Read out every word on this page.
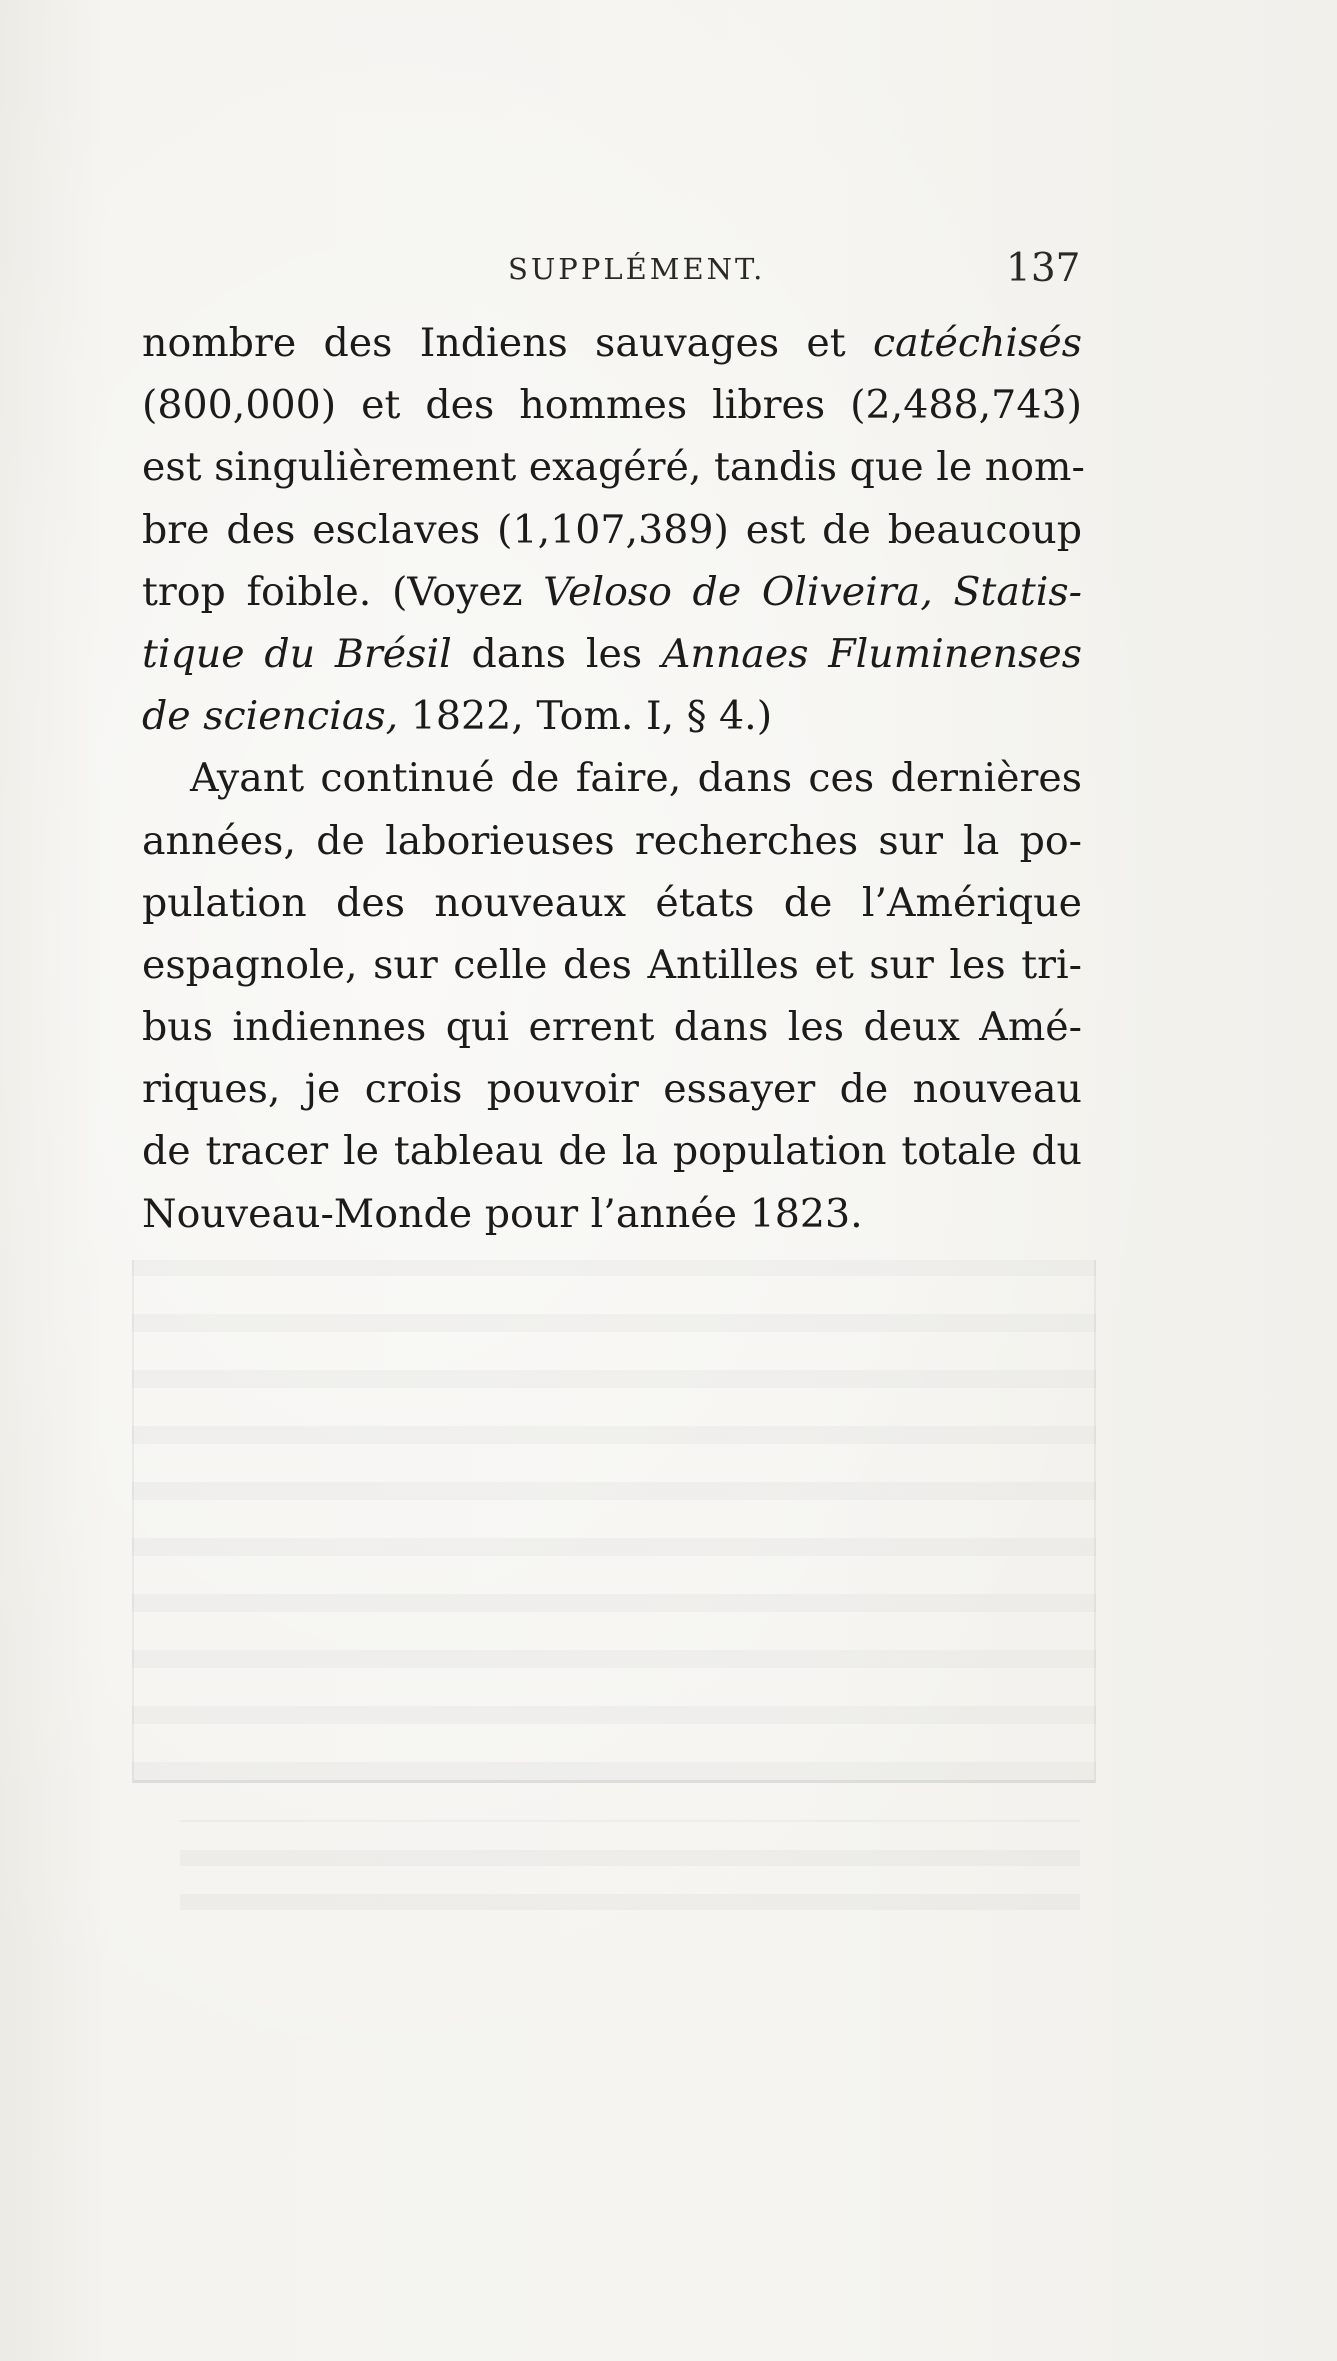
SUPPLÉMENT.	137
nombre des Indiens sauvages et catéchisés
(800,000) et des hommes libres (2,488,743)
est singulièrement exagéré, tandis que le nom-
bre des esclaves (1,107,389) est de beaucoup
trop foible. (Voyez Veloso de Oliveira, Statis-
tique du Brésil dans les Annaes Fluminenses
de sciencias, 1822, Tom. I, § 4.)
Ayant continué de faire, dans ces dernières
années, de laborieuses recherches sur la po-
pulation des nouveaux états de l’Amérique
espagnole, sur celle des Antilles et sur les tri-
bus indiennes qui errent dans les deux Amé-
riques, je crois pouvoir essayer de nouveau
de tracer le tableau de la population totale du
Nouveau-Monde pour l’année 1823.
